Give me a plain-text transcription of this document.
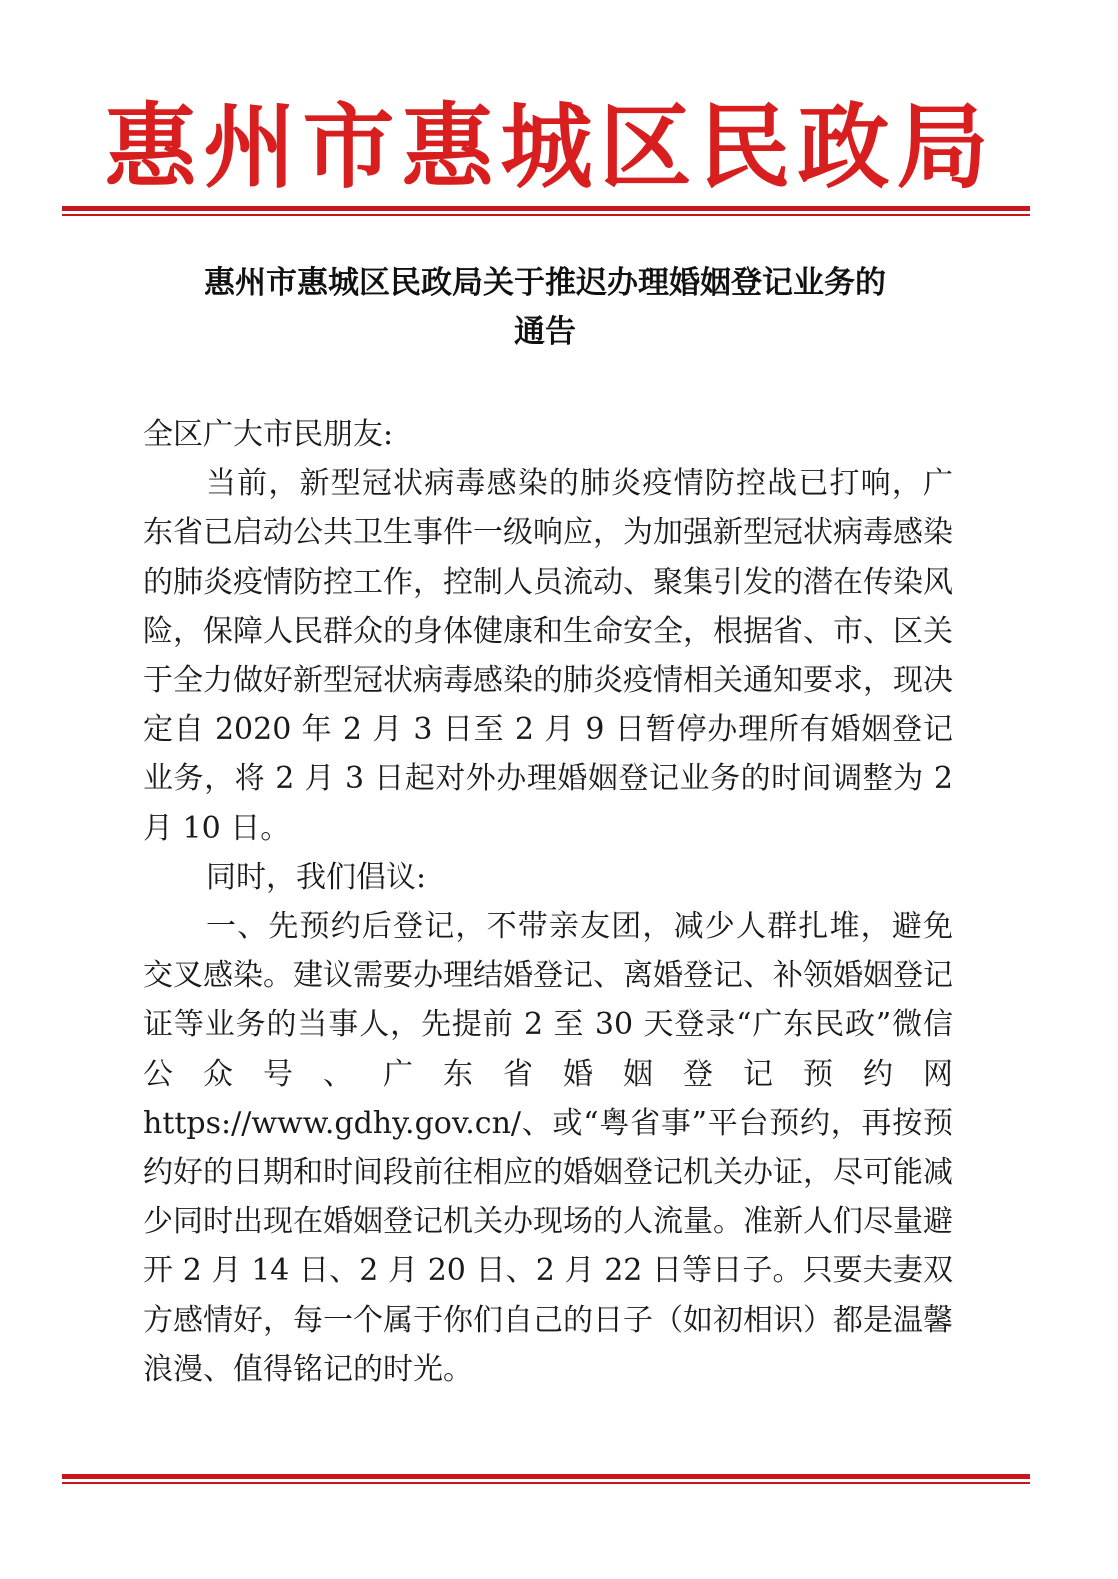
惠州市惠城区民政局
惠州市惠城区民政局关于推迟办理婚姻登记业务的
通告

全区广大市民朋友:

当前，新型冠状病毒感染的肺炎疫情防控战已打响，广东省已启动公共卫生事件一级响应，为加强新型冠状病毒感染的肺炎疫情防控工作，控制人员流动、聚集引发的潜在传染风险，保障人民群众的身体健康和生命安全，根据省、市、区关于全力做好新型冠状病毒感染的肺炎疫情相关通知要求，现决定自 2020 年 2 月 3 日至 2 月 9 日暂停办理所有婚姻登记业务，将 2 月 3 日起对外办理婚姻登记业务的时间调整为 2 月 10 日。

同时，我们倡议:

一、先预约后登记，不带亲友团，减少人群扎堆，避免交叉感染。建议需要办理结婚登记、离婚登记、补领婚姻登记证等业务的当事人，先提前 2 至 30 天登录“广东民政”微信公众号、广东省婚姻登记预约网 https://www.gdhy.gov.cn/、或“粤省事”平台预约，再按预约好的日期和时间段前往相应的婚姻登记机关办证，尽可能减少同时出现在婚姻登记机关办现场的人流量。准新人们尽量避开 2 月 14 日、2 月 20 日、2 月 22 日等日子。只要夫妻双方感情好，每一个属于你们自己的日子（如初相识）都是温馨浪漫、值得铭记的时光。
